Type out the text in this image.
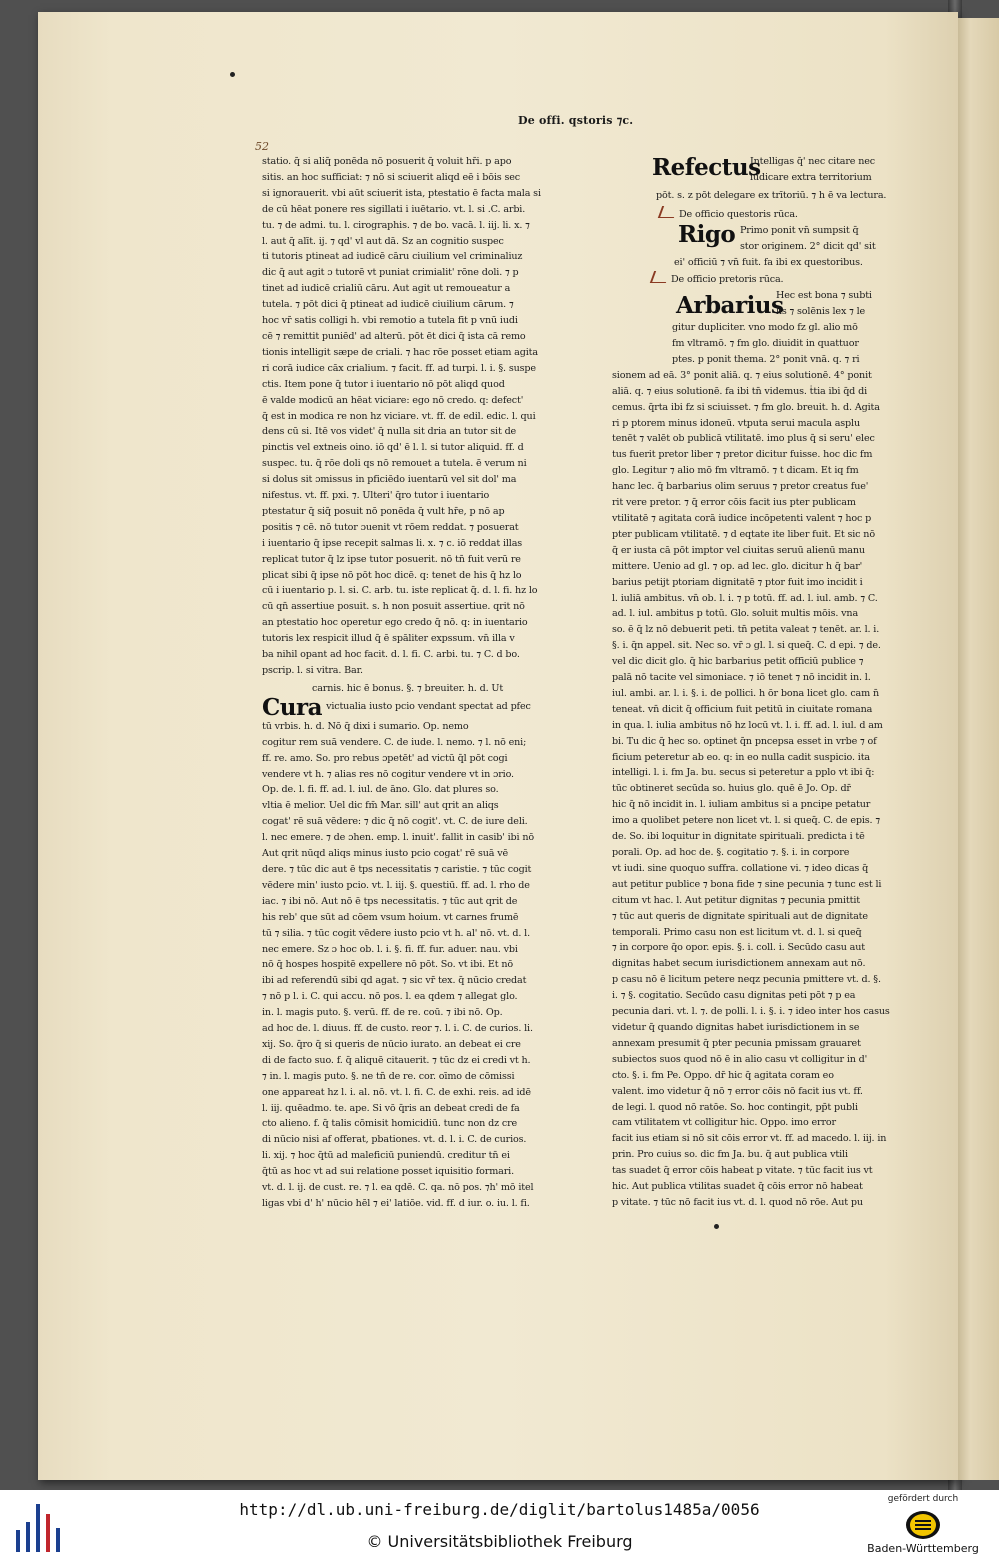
De offi. qstoris ⁊c.
52

statio. q̄ si aliq̄ ponēda nō posuerit q̄ voluit hr̄i. p apo

sitis. an hoc sufficiat: ⁊ nō si sciuerit aliqd eē i bōis sec

si ignorauerit. vbi aūt sciuerit ista, ptestatio ē facta mala si

de cū hēat ponere res sigillati i iuētario. vt. l. si .C. arbi.

tu. ⁊ de admi. tu. l. cirographis. ⁊ de bo. vacā. l. iij. li. x. ⁊

l. aut q̄ alīt. ij. ⁊ qd' vl aut dā. Sz an cognitio suspec

ti tutoris ptineat ad iudicē cāru ciuilium vel criminaliuz

dic q̄ aut agit ɔ tutorē vt puniat crimialit' rōne doli. ⁊ p

tinet ad iudicē crialiū cāru. Aut agit ut remoueatur a

tutela. ⁊ pōt dici q̄ ptineat ad iudicē ciuilium cārum. ⁊

hoc vr̄ satis colligi h. vbi remotio a tutela fit p vnū iudi

cē ⁊ remittit puniēd' ad alterū. pōt ēt dici q̄ ista cā remo

tionis intelligit sæpe de criali. ⁊ hac rōe posset etiam agita

ri corā iudice cāx crialium. ⁊ facit. ff. ad turpi. l. i. §. suspe

ctis. Item pone q̄ tutor i iuentario nō pōt aliqd quod

ē valde modicū an hēat viciare: ego nō credo. q: defect'

q̄ est in modica re non hz viciare. vt. ff. de edil. edic. l. qui

dens cū si. Itē vos videt' q̄ nulla sit dria an tutor sit de

pinctis vel extneis oino. iō qd' ē l. l. si tutor aliquid. ff. d

suspec. tu. q̄ rōe doli qs nō remouet a tutela. ē verum ni

si dolus sit ɔmissus in pficiēdo iuentarū vel sit dol' ma

nifestus. vt. ff. pxi. ⁊. Ulteri' q̄ro tutor i iuentario

ptestatur q̄ siq̄ posuit nō ponēda q̄ vult hr̄e, p nō ap

positis ⁊ cē. nō tutor ɔuenit vt rōem reddat. ⁊ posuerat

i iuentario q̄ ipse recepit salmas li. x. ⁊ c. iō reddat illas

replicat tutor q̄ lz ipse tutor posuerit. nō tn̄ fuit verū re

plicat sibi q̄ ipse nō pōt hoc dicē. q: tenet de his q̄ hz lo

cū i iuentario p. l. si. C. arb. tu. iste replicat q̄. d. l. fi. hz lo

cū qn̄ assertiue posuit. s. h non posuit assertiue. qrit nō

an ptestatio hoc operetur ego credo q̄ nō. q: in iuentario

tutoris lex respicit illud q̄ ē spāliter expssum. vn̄ illa v

ba nihil opant ad hoc facit. d. l. fi. C. arbi. tu. ⁊ C. d bo.

pscrip. l. si vitra. Bar.

carnis. hic ē bonus. §. ⁊ breuiter. h. d. Ut

Cura victualia iusto pcio vendant spectat ad pfec

tū vrbis. h. d. Nō q̄ dixi i sumario. Op. nemo

cogitur rem suā vendere. C. de iude. l. nemo. ⁊ l. nō eni;

ff. re. amo. So. pro rebus ɔpetēt' ad victū q̄l pōt cogi

vendere vt h. ⁊ alias res nō cogitur vendere vt in ɔrio.

Op. de. l. fi. ff. ad. l. iul. de āno. Glo. dat plures so.

vltia ē melior. Uel dic fm̄ Mar. sill' aut qrit an aliqs

cogat' rē suā vēdere: ⁊ dic q̄ nō cogit'. vt. C. de iure deli.

l. nec emere. ⁊ de ɔhen. emp. l. inuit'. fallit in casib' ibi nō

Aut qrit nūqd aliqs minus iusto pcio cogat' rē suā vē

dere. ⁊ tūc dic aut ē tps necessitatis ⁊ caristie. ⁊ tūc cogit

vēdere min' iusto pcio. vt. l. iij. §. questiū. ff. ad. l. rho de

iac. ⁊ ibi nō. Aut nō ē tps necessitatis. ⁊ tūc aut qrit de

his reb' que sūt ad cōem vsum hoium. vt carnes frumē

tū ⁊ silia. ⁊ tūc cogit vēdere iusto pcio vt h. al' nō. vt. d. l.

nec emere. Sz ɔ hoc ob. l. i. §. fi. ff. fur. aduer. nau. vbi

nō q̄ hospes hospitē expellere nō pōt. So. vt ibi. Et nō

ibi ad referendū sibi qd agat. ⁊ sic vr̄ tex. q̄ nūcio credat

⁊ nō p l. i. C. qui accu. nō pos. l. ea qdem ⁊ allegat glo.

in. l. magis puto. §. verū. ff. de re. coū. ⁊ ibi nō. Op.

ad hoc de. l. diuus. ff. de custo. reor ⁊. l. i. C. de curios. li.

xij. So. q̄ro q̄ si queris de nūcio iurato. an debeat ei cre

di de facto suo. f. q̄ aliquē citauerit. ⁊ tūc dz ei credi vt h.

⁊ in. l. magis puto. §. ne tn̄ de re. cor. oīmo de cōmissi

one appareat hz l. i. al. nō. vt. l. fi. C. de exhi. reis. ad idē

l. iij. quēadmo. te. ape. Si vō q̄ris an debeat credi de fa

cto alieno. f. q̄ talis cōmisit homicidiū. tunc non dz cre

di nūcio nisi af offerat, pbationes. vt. d. l. i. C. de curios.

li. xij. ⁊ hoc q̄tū ad maleficiū puniendū. creditur tn̄ ei

q̄tū as hoc vt ad sui relatione posset iquisitio formari.

vt. d. l. ij. de cust. re. ⁊ l. ea qdē. C. qa. nō pos. ⁊h' mō itel

ligas vbi d' h' nūcio hēl ⁊ ei' latiōe. vid. ff. d iur. o. iu. l. fi.

Refectus

Intelligas q̄' nec citare nec

iudicare extra territorium

pōt. s. z pōt delegare ex trītoriū. ⁊ h ē va lectura.

De officio questoris rūca.

Rigo Primo ponit vn̄ sumpsit q̄

stor originem. 2° dicit qd' sit

ei' officiū ⁊ vn̄ fuit. fa ibi ex questoribus.

De officio pretoris rūca.

Arbarius

Hec est bona ⁊ subti

lis ⁊ solēnis lex ⁊ le

gitur dupliciter. vno modo fz gl. alio mō

fm vltramō. ⁊ fm glo. diuidit in quattuor

ptes. p ponit thema. 2° ponit vnā. q. ⁊ ri

sionem ad eā. 3° ponit aliā. q. ⁊ eius solutionē. 4° ponit

aliā. q. ⁊ eius solutionē. fa ibi tn̄ videmus. ṫtia ibi q̄d di

cemus. q̄rta ibi fz si sciuisset. ⁊ fm glo. breuit. h. d. Agita

ri p ptorem minus idoneū. vtputa serui macula asplu

tenēt ⁊ valēt ob publicā vtilitatē. imo plus q̄ si seru' elec

tus fuerit pretor liber ⁊ pretor dicitur fuisse. hoc dic fm

glo. Legitur ⁊ alio mō fm vltramō. ⁊ t dicam. Et iq fm

hanc lec. q̄ barbarius olim seruus ⁊ pretor creatus fue'

rit vere pretor. ⁊ q̄ error cōis facit ius pter publicam

vtilitatē ⁊ agitata corā iudice incōpetenti valent ⁊ hoc p

pter publicam vtilitatē. ⁊ d eqtate ite liber fuit. Et sic nō

q̄ er iusta cā pōt imptor vel ciuitas seruū alienū manu

mittere. Uenio ad gl. ⁊ op. ad lec. glo. dicitur h q̄ bar'

barius petijt ptoriam dignitatē ⁊ ptor fuit imo incidit i

l. iuliā ambitus. vn̄ ob. l. i. ⁊ p totū. ff. ad. l. iul. amb. ⁊ C.

ad. l. iul. ambitus p totū. Glo. soluit multis mōis. vna

so. ē q̄ lz nō debuerit peti. tn̄ petita valeat ⁊ tenēt. ar. l. i.

§. i. q̄n appel. sit. Nec so. vr̄ ɔ gl. l. si queq̄. C. d epi. ⁊ de.

vel dic dicit glo. q̄ hic barbarius petit officiū publice ⁊

palā nō tacite vel simoniace. ⁊ iō tenet ⁊ nō incidit in. l.

iul. ambi. ar. l. i. §. i. de pollici. h ōr bona licet glo. cam n̄

teneat. vn̄ dicit q̄ officium fuit petitū in ciuitate romana

in qua. l. iulia ambitus nō hz locū vt. l. i. ff. ad. l. iul. d am

bi. Tu dic q̄ hec so. optinet q̄n pncepsa esset in vrbe ⁊ of

ficium peteretur ab eo. q: in eo nulla cadit suspicio. ita

intelligi. l. i. fm Ja. bu. secus si peteretur a pplo vt ibi q̄:

tūc obtineret secūda so. huius glo. quē ē Jo. Op. dr̄

hic q̄ nō incidit in. l. iuliam ambitus si a pncipe petatur

imo a quolibet petere non licet vt. l. si queq̄. C. de epis. ⁊

de. So. ibi loquitur in dignitate spirituali. predicta i tē

porali. Op. ad hoc de. §. cogitatio ⁊. §. i. in corpore

vt iudi. sine quoquo suffra. collatione vi. ⁊ ideo dicas q̄

aut petitur publice ⁊ bona fide ⁊ sine pecunia ⁊ tunc est li

citum vt hac. l. Aut petitur dignitas ⁊ pecunia pmittit

⁊ tūc aut queris de dignitate spirituali aut de dignitate

temporali. Primo casu non est licitum vt. d. l. si queq̄

⁊ in corpore q̄o opor. epis. §. i. coll. i. Secūdo casu aut

dignitas habet secum iurisdictionem annexam aut nō.

p casu nō ē licitum petere neqz pecunia pmittere vt. d. §.

i. ⁊ §. cogitatio. Secūdo casu dignitas peti pōt ⁊ p ea

pecunia dari. vt. l. ⁊. de polli. l. i. §. i. ⁊ ideo inter hos casus

videtur q̄ quando dignitas habet iurisdictionem in se

annexam presumit q̄ pter pecunia pmissam grauaret

subiectos suos quod nō ē in alio casu vt colligitur in d'

cto. §. i. fm Pe. Oppo. dr̄ hic q̄ agitata coram eo

valent. imo videtur q̄ nō ⁊ error cōis nō facit ius vt. ff.

de legi. l. quod nō ratōe. So. hoc contingit, pp̄t publi

cam vtilitatem vt colligitur hic. Oppo. imo error

facit ius etiam si nō sit cōis error vt. ff. ad macedo. l. iij. in

prin. Pro cuius so. dic fm Ja. bu. q̄ aut publica vtili

tas suadet q̄ error cōis habeat p vitate. ⁊ tūc facit ius vt

hic. Aut publica vtilitas suadet q̄ cōis error nō habeat

p vitate. ⁊ tūc nō facit ius vt. d. l. quod nō rōe. Aut pu

http://dl.ub.uni-freiburg.de/diglit/bartolus1485a/0056
© Universitätsbibliothek Freiburg
gefördert durch
Baden-Württemberg
